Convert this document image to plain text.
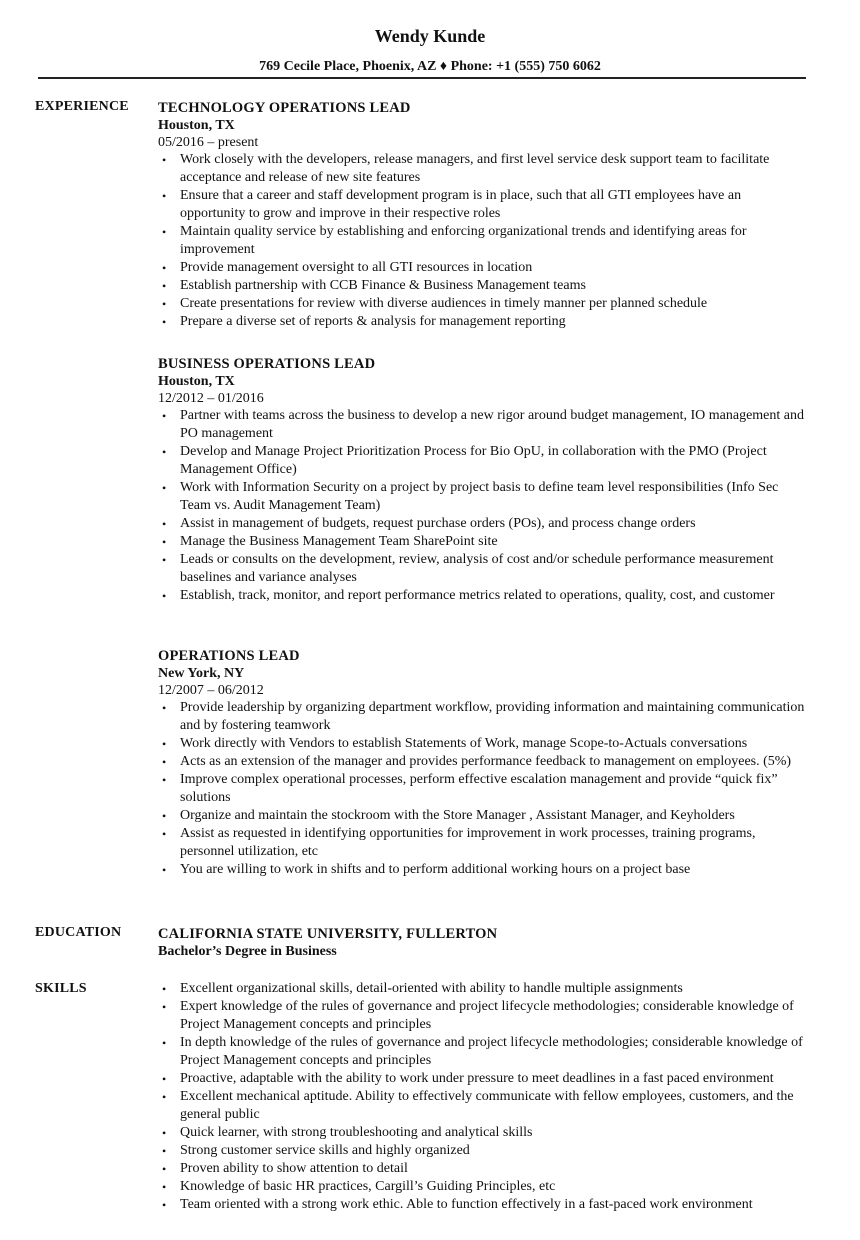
Wendy Kunde
769 Cecile Place, Phoenix, AZ ♦ Phone: +1 (555) 750 6062
EXPERIENCE TECHNOLOGY OPERATIONS LEAD

Houston, TX

05/2016 – present

• Work closely with the developers, release managers, and first level service desk support team to facilitate acceptance and release of new site features
• Ensure that a career and staff development program is in place, such that all GTI employees have an opportunity to grow and improve in their respective roles
• Maintain quality service by establishing and enforcing organizational trends and identifying areas for improvement
• Provide management oversight to all GTI resources in location
• Establish partnership with CCB Finance & Business Management teams
• Create presentations for review with diverse audiences in timely manner per planned schedule
• Prepare a diverse set of reports & analysis for management reporting

BUSINESS OPERATIONS LEAD

Houston, TX

12/2012 – 01/2016

• Partner with teams across the business to develop a new rigor around budget management, IO management and PO management
• Develop and Manage Project Prioritization Process for Bio OpU, in collaboration with the PMO (Project Management Office)
• Work with Information Security on a project by project basis to define team level responsibilities (Info Sec Team vs. Audit Management Team)
• Assist in management of budgets, request purchase orders (POs), and process change orders
• Manage the Business Management Team SharePoint site
• Leads or consults on the development, review, analysis of cost and/or schedule performance measurement baselines and variance analyses
• Establish, track, monitor, and report performance metrics related to operations, quality, cost, and customer

OPERATIONS LEAD

New York, NY

12/2007 – 06/2012

• Provide leadership by organizing department workflow, providing information and maintaining communication and by fostering teamwork
• Work directly with Vendors to establish Statements of Work, manage Scope-to-Actuals conversations
• Acts as an extension of the manager and provides performance feedback to management on employees. (5%)
• Improve complex operational processes, perform effective escalation management and provide “quick fix” solutions
• Organize and maintain the stockroom with the Store Manager , Assistant Manager, and Keyholders
• Assist as requested in identifying opportunities for improvement in work processes, training programs, personnel utilization, etc
• You are willing to work in shifts and to perform additional working hours on a project base
EDUCATION	CALIFORNIA STATE UNIVERSITY, FULLERTON

Bachelor’s Degree in Business

SKILLS	• Excellent organizational skills, detail-oriented with ability to handle multiple assignments
• Expert knowledge of the rules of governance and project lifecycle methodologies; considerable knowledge of Project Management concepts and principles
• In depth knowledge of the rules of governance and project lifecycle methodologies; considerable knowledge of Project Management concepts and principles
• Proactive, adaptable with the ability to work under pressure to meet deadlines in a fast paced environment
• Excellent mechanical aptitude. Ability to effectively communicate with fellow employees, customers, and the general public
• Quick learner, with strong troubleshooting and analytical skills
• Strong customer service skills and highly organized
• Proven ability to show attention to detail
• Knowledge of basic HR practices, Cargill’s Guiding Principles, etc
• Team oriented with a strong work ethic. Able to function effectively in a fast-paced work environment
